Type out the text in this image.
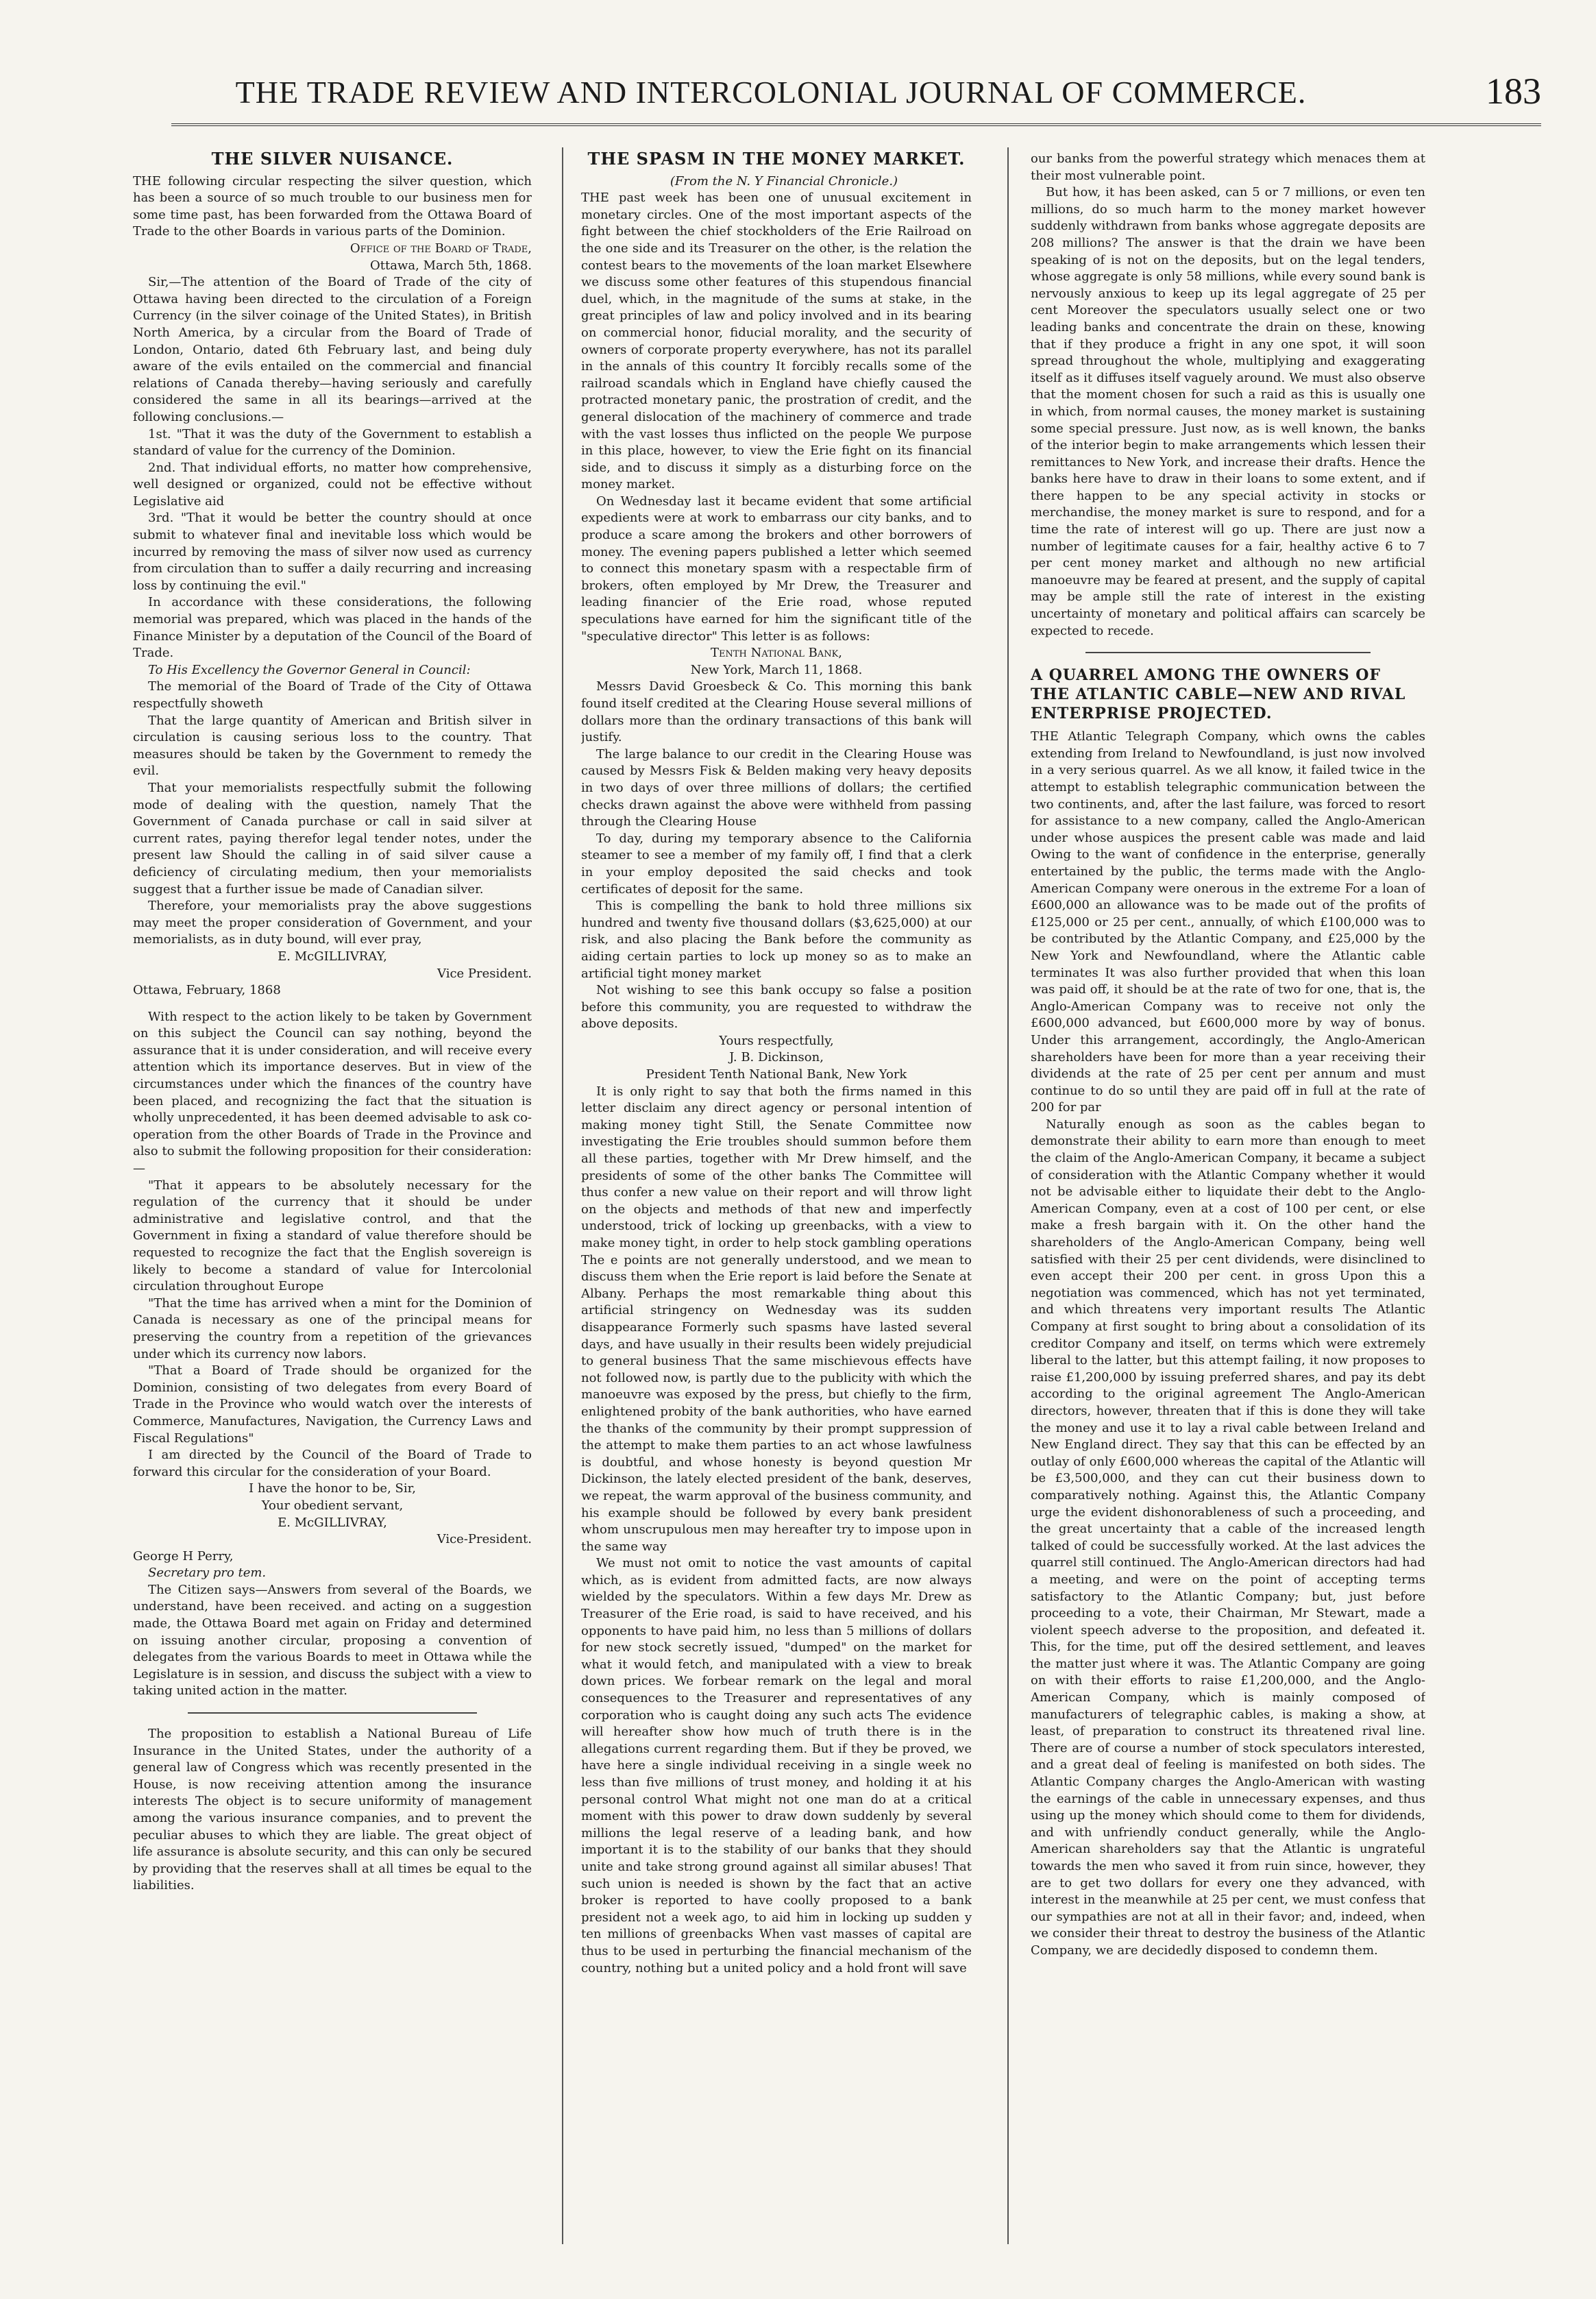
THE TRADE REVIEW AND INTERCOLONIAL JOURNAL OF COMMERCE.	183
THE SILVER NUISANCE.

THE following circular respecting the silver question, which has been a source of so much trouble to our business men for some time past, has been forwarded from the Ottawa Board of Trade to the other Boards in various parts of the Dominion.

Office of the Board of Trade,

Ottawa, March 5th, 1868.

Sir,—The attention of the Board of Trade of the city of Ottawa having been directed to the circulation of a Foreign Currency (in the silver coinage of the United States), in British North America, by a circular from the Board of Trade of London, Ontario, dated 6th February last, and being duly aware of the evils entailed on the commercial and financial relations of Canada thereby—having seriously and carefully considered the same in all its bearings—arrived at the following conclusions.—

1st. "That it was the duty of the Government to establish a standard of value for the currency of the Dominion.

2nd. That individual efforts, no matter how comprehensive, well designed or organized, could not be effective without Legislative aid

3rd. "That it would be better the country should at once submit to whatever final and inevitable loss which would be incurred by removing the mass of silver now used as currency from circulation than to suffer a daily recurring and increasing loss by continuing the evil."

In accordance with these considerations, the following memorial was prepared, which was placed in the hands of the Finance Minister by a deputation of the Council of the Board of Trade.

To His Excellency the Governor General in Council:

The memorial of the Board of Trade of the City of Ottawa respectfully showeth

That the large quantity of American and British silver in circulation is causing serious loss to the country. That measures should be taken by the Government to remedy the evil.

That your memorialists respectfully submit the following mode of dealing with the question, namely That the Government of Canada purchase or call in said silver at current rates, paying therefor legal tender notes, under the present law Should the calling in of said silver cause a deficiency of circulating medium, then your memorialists suggest that a further issue be made of Canadian silver.

Therefore, your memorialists pray the above suggestions may meet the proper consideration of Government, and your memorialists, as in duty bound, will ever pray,

E. McGILLIVRAY,

Vice President.

Ottawa, February, 1868

With respect to the action likely to be taken by Government on this subject the Council can say nothing, beyond the assurance that it is under consideration, and will receive every attention which its importance deserves. But in view of the circumstances under which the finances of the country have been placed, and recognizing the fact that the situation is wholly unprecedented, it has been deemed advisable to ask co-operation from the other Boards of Trade in the Province and also to submit the following proposition for their consideration:—

"That it appears to be absolutely necessary for the regulation of the currency that it should be under administrative and legislative control, and that the Government in fixing a standard of value therefore should be requested to recognize the fact that the English sovereign is likely to become a standard of value for Intercolonial circulation throughout Europe

"That the time has arrived when a mint for the Dominion of Canada is necessary as one of the principal means for preserving the country from a repetition of the grievances under which its currency now labors.

"That a Board of Trade should be organized for the Dominion, consisting of two delegates from every Board of Trade in the Province who would watch over the interests of Commerce, Manufactures, Navigation, the Currency Laws and Fiscal Regulations"

I am directed by the Council of the Board of Trade to forward this circular for the consideration of your Board.

I have the honor to be, Sir,

Your obedient servant,

E. McGILLIVRAY,

Vice-President.

George H Perry,

Secretary pro tem.

The Citizen says—Answers from several of the Boards, we understand, have been received. and acting on a suggestion made, the Ottawa Board met again on Friday and determined on issuing another circular, proposing a convention of delegates from the various Boards to meet in Ottawa while the Legislature is in session, and discuss the subject with a view to taking united action in the matter.

The proposition to establish a National Bureau of Life Insurance in the United States, under the authority of a general law of Congress which was recently presented in the House, is now receiving attention among the insurance interests The object is to secure uniformity of management among the various insurance companies, and to prevent the peculiar abuses to which they are liable. The great object of life assurance is absolute security, and this can only be secured by providing that the reserves shall at all times be equal to the liabilities.

THE SPASM IN THE MONEY MARKET.

(From the N. Y Financial Chronicle.)

THE past week has been one of unusual excitement in monetary circles. One of the most important aspects of the fight between the chief stockholders of the Erie Railroad on the one side and its Treasurer on the other, is the relation the contest bears to the movements of the loan market Elsewhere we discuss some other features of this stupendous financial duel, which, in the magnitude of the sums at stake, in the great principles of law and policy involved and in its bearing on commercial honor, fiducial morality, and the security of owners of corporate property everywhere, has not its parallel in the annals of this country It forcibly recalls some of the railroad scandals which in England have chiefly caused the protracted monetary panic, the prostration of credit, and the general dislocation of the machinery of commerce and trade with the vast losses thus inflicted on the people We purpose in this place, however, to view the Erie fight on its financial side, and to discuss it simply as a disturbing force on the money market.

On Wednesday last it became evident that some artificial expedients were at work to embarrass our city banks, and to produce a scare among the brokers and other borrowers of money. The evening papers published a letter which seemed to connect this monetary spasm with a respectable firm of brokers, often employed by Mr Drew, the Treasurer and leading financier of the Erie road, whose reputed speculations have earned for him the significant title of the "speculative director" This letter is as follows:

Tenth National Bank,

New York, March 11, 1868.

Messrs David Groesbeck & Co. This morning this bank found itself credited at the Clearing House several millions of dollars more than the ordinary transactions of this bank will justify.

The large balance to our credit in the Clearing House was caused by Messrs Fisk & Belden making very heavy deposits in two days of over three millions of dollars; the certified checks drawn against the above were withheld from passing through the Clearing House

To day, during my temporary absence to the California steamer to see a member of my family off, I find that a clerk in your employ deposited the said checks and took certificates of deposit for the same.

This is compelling the bank to hold three millions six hundred and twenty five thousand dollars ($3,625,000) at our risk, and also placing the Bank before the community as aiding certain parties to lock up money so as to make an artificial tight money market

Not wishing to see this bank occupy so false a position before this community, you are requested to withdraw the above deposits.

Yours respectfully,

J. B. Dickinson,

President Tenth National Bank, New York

It is only right to say that both the firms named in this letter disclaim any direct agency or personal intention of making money tight Still, the Senate Committee now investigating the Erie troubles should summon before them all these parties, together with Mr Drew himself, and the presidents of some of the other banks The Committee will thus confer a new value on their report and will throw light on the objects and methods of that new and imperfectly understood, trick of locking up greenbacks, with a view to make money tight, in order to help stock gambling operations The e points are not generally understood, and we mean to discuss them when the Erie report is laid before the Senate at Albany. Perhaps the most remarkable thing about this artificial stringency on Wednesday was its sudden disappearance Formerly such spasms have lasted several days, and have usually in their results been widely prejudicial to general business That the same mischievous effects have not followed now, is partly due to the publicity with which the manoeuvre was exposed by the press, but chiefly to the firm, enlightened probity of the bank authorities, who have earned the thanks of the community by their prompt suppression of the attempt to make them parties to an act whose lawfulness is doubtful, and whose honesty is beyond question Mr Dickinson, the lately elected president of the bank, deserves, we repeat, the warm approval of the business community, and his example should be followed by every bank president whom unscrupulous men may hereafter try to impose upon in the same way

We must not omit to notice the vast amounts of capital which, as is evident from admitted facts, are now always wielded by the speculators. Within a few days Mr. Drew as Treasurer of the Erie road, is said to have received, and his opponents to have paid him, no less than 5 millions of dollars for new stock secretly issued, "dumped" on the market for what it would fetch, and manipulated with a view to break down prices. We forbear remark on the legal and moral consequences to the Treasurer and representatives of any corporation who is caught doing any such acts The evidence will hereafter show how much of truth there is in the allegations current regarding them. But if they be proved, we have here a single individual receiving in a single week no less than five millions of trust money, and holding it at his personal control What might not one man do at a critical moment with this power to draw down suddenly by several millions the legal reserve of a leading bank, and how important it is to the stability of our banks that they should unite and take strong ground against all similar abuses! That such union is needed is shown by the fact that an active broker is reported to have coolly proposed to a bank president not a week ago, to aid him in locking up sudden y ten millions of greenbacks When vast masses of capital are thus to be used in perturbing the financial mechanism of the country, nothing but a united policy and a hold front will save

our banks from the powerful strategy which menaces them at their most vulnerable point.

But how, it has been asked, can 5 or 7 millions, or even ten millions, do so much harm to the money market however suddenly withdrawn from banks whose aggregate deposits are 208 millions? The answer is that the drain we have been speaking of is not on the deposits, but on the legal tenders, whose aggregate is only 58 millions, while every sound bank is nervously anxious to keep up its legal aggregate of 25 per cent Moreover the speculators usually select one or two leading banks and concentrate the drain on these, knowing that if they produce a fright in any one spot, it will soon spread throughout the whole, multiplying and exaggerating itself as it diffuses itself vaguely around. We must also observe that the moment chosen for such a raid as this is usually one in which, from normal causes, the money market is sustaining some special pressure. Just now, as is well known, the banks of the interior begin to make arrangements which lessen their remittances to New York, and increase their drafts. Hence the banks here have to draw in their loans to some extent, and if there happen to be any special activity in stocks or merchandise, the money market is sure to respond, and for a time the rate of interest will go up. There are just now a number of legitimate causes for a fair, healthy active 6 to 7 per cent money market and although no new artificial manoeuvre may be feared at present, and the supply of capital may be ample still the rate of interest in the existing uncertainty of monetary and political affairs can scarcely be expected to recede.

A QUARREL AMONG THE OWNERS OF THE ATLANTIC CABLE—NEW AND RIVAL ENTERPRISE PROJECTED.

THE Atlantic Telegraph Company, which owns the cables extending from Ireland to Newfoundland, is just now involved in a very serious quarrel. As we all know, it failed twice in the attempt to establish telegraphic communication between the two continents, and, after the last failure, was forced to resort for assistance to a new company, called the Anglo-American under whose auspices the present cable was made and laid Owing to the want of confidence in the enterprise, generally entertained by the public, the terms made with the Anglo-American Company were onerous in the extreme For a loan of £600,000 an allowance was to be made out of the profits of £125,000 or 25 per cent., annually, of which £100,000 was to be contributed by the Atlantic Company, and £25,000 by the New York and Newfoundland, where the Atlantic cable terminates It was also further provided that when this loan was paid off, it should be at the rate of two for one, that is, the Anglo-American Company was to receive not only the £600,000 advanced, but £600,000 more by way of bonus. Under this arrangement, accordingly, the Anglo-American shareholders have been for more than a year receiving their dividends at the rate of 25 per cent per annum and must continue to do so until they are paid off in full at the rate of 200 for par

Naturally enough as soon as the cables began to demonstrate their ability to earn more than enough to meet the claim of the Anglo-American Company, it became a subject of consideration with the Atlantic Company whether it would not be advisable either to liquidate their debt to the Anglo-American Company, even at a cost of 100 per cent, or else make a fresh bargain with it. On the other hand the shareholders of the Anglo-American Company, being well satisfied with their 25 per cent dividends, were disinclined to even accept their 200 per cent. in gross Upon this a negotiation was commenced, which has not yet terminated, and which threatens very important results The Atlantic Company at first sought to bring about a consolidation of its creditor Company and itself, on terms which were extremely liberal to the latter, but this attempt failing, it now proposes to raise £1,200,000 by issuing preferred shares, and pay its debt according to the original agreement The Anglo-American directors, however, threaten that if this is done they will take the money and use it to lay a rival cable between Ireland and New England direct. They say that this can be effected by an outlay of only £600,000 whereas the capital of the Atlantic will be £3,500,000, and they can cut their business down to comparatively nothing. Against this, the Atlantic Company urge the evident dishonorableness of such a proceeding, and the great uncertainty that a cable of the increased length talked of could be successfully worked. At the last advices the quarrel still continued. The Anglo-American directors had had a meeting, and were on the point of accepting terms satisfactory to the Atlantic Company; but, just before proceeding to a vote, their Chairman, Mr Stewart, made a violent speech adverse to the proposition, and defeated it. This, for the time, put off the desired settlement, and leaves the matter just where it was. The Atlantic Company are going on with their efforts to raise £1,200,000, and the Anglo-American Company, which is mainly composed of manufacturers of telegraphic cables, is making a show, at least, of preparation to construct its threatened rival line. There are of course a number of stock speculators interested, and a great deal of feeling is manifested on both sides. The Atlantic Company charges the Anglo-American with wasting the earnings of the cable in unnecessary expenses, and thus using up the money which should come to them for dividends, and with unfriendly conduct generally, while the Anglo-American shareholders say that the Atlantic is ungrateful towards the men who saved it from ruin since, however, they are to get two dollars for every one they advanced, with interest in the meanwhile at 25 per cent, we must confess that our sympathies are not at all in their favor; and, indeed, when we consider their threat to destroy the business of the Atlantic Company, we are decidedly disposed to condemn them.
